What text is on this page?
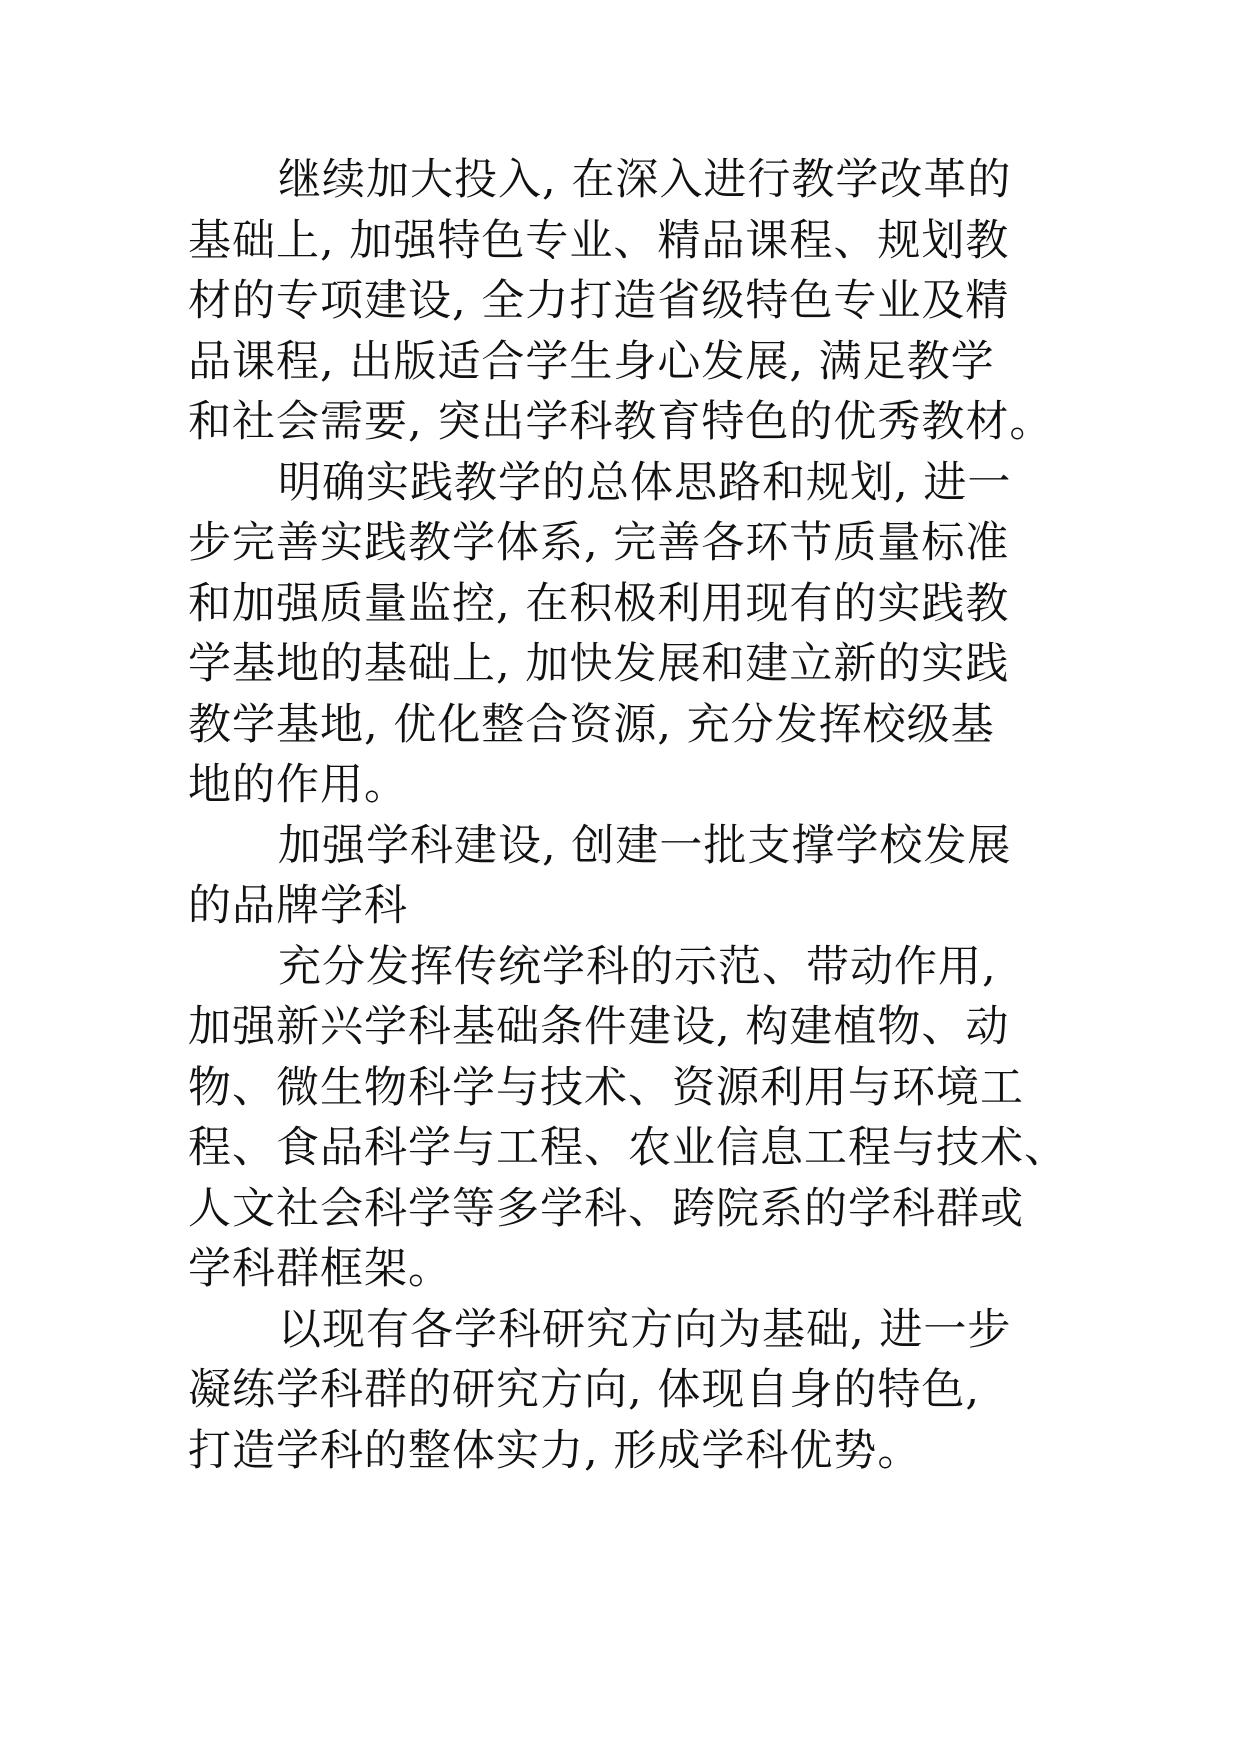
继续加大投入, 在深入进行教学改革的
基础上, 加强特色专业、精品课程、规划教
材的专项建设, 全力打造省级特色专业及精
品课程, 出版适合学生身心发展, 满足教学
和社会需要, 突出学科教育特色的优秀教材。
明确实践教学的总体思路和规划, 进一
步完善实践教学体系, 完善各环节质量标准
和加强质量监控, 在积极利用现有的实践教
学基地的基础上, 加快发展和建立新的实践
教学基地, 优化整合资源, 充分发挥校级基
地的作用。
加强学科建设, 创建一批支撑学校发展
的品牌学科
充分发挥传统学科的示范、带动作用,
加强新兴学科基础条件建设, 构建植物、动
物、微生物科学与技术、资源利用与环境工
程、食品科学与工程、农业信息工程与技术、
人文社会科学等多学科、跨院系的学科群或
学科群框架。
以现有各学科研究方向为基础, 进一步
凝练学科群的研究方向, 体现自身的特色,
打造学科的整体实力, 形成学科优势。
